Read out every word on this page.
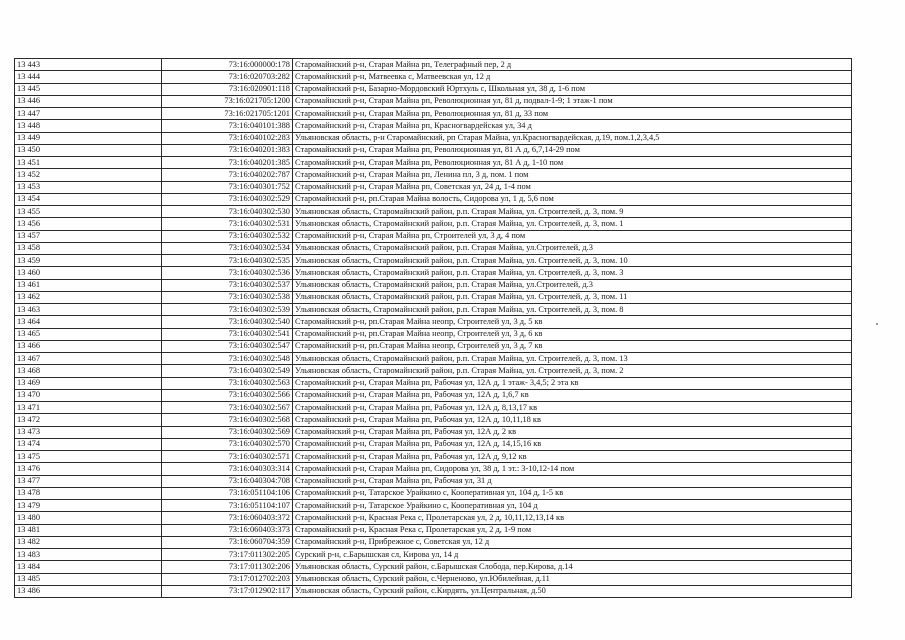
13 443	73:16:000000:178	Старомайнский р-н, Старая Майна рп, Телеграфный пер, 2 д
13 444	73:16:020703:282	Старомайнский р-н, Матвеевка с, Матвеевская ул, 12 д
13 445	73:16:020901:118	Старомайнский р-н, Базарно-Мордовский Юртхуль с, Школьная ул, 38 д, 1-6 пом
13 446	73:16:021705:1200	Старомайнский р-н, Старая Майна рп, Революционная ул, 81 д, подвал-1-9; 1 этаж-1 пом
13 447	73:16:021705:1201	Старомайнский р-н, Старая Майна рп, Революционная ул, 81 д, 33 пом
13 448	73:16:040101:388	Старомайнский р-н, Старая Майна рп, Красногвардейская ул, 34 д
13 449	73:16:040102:283	Ульяновская область, р-н Старомайнский, рп Старая Майна, ул.Красногвардейская, д.19, пом.1,2,3,4,5
13 450	73:16:040201:383	Старомайнский р-н, Старая Майна рп, Революционная ул, 81 А д, 6,7,14-29 пом
13 451	73:16:040201:385	Старомайнский р-н, Старая Майна рп, Революционная ул, 81 А д, 1-10 пом
13 452	73:16:040202:787	Старомайнский р-н, Старая Майна рп, Ленина пл, 3 д, пом. 1 пом
13 453	73:16:040301:752	Старомайнский р-н, Старая Майна рп, Советская ул, 24 д, 1-4 пом
13 454	73:16:040302:529	Старомайнский р-н, рп.Старая Майна волость, Сидорова ул, 1 д, 5,6 пом
13 455	73:16:040302:530	Ульяновская область, Старомайнский район, р.п. Старая Майна, ул. Строителей, д. 3, пом. 9
13 456	73:16:040302:531	Ульяновская область, Старомайнский район, р.п. Старая Майна, ул. Строителей, д. 3, пом. 1
13 457	73:16:040302:532	Старомайнский р-н, Старая Майна рп, Строителей ул, 3 д, 4 пом
13 458	73:16:040302:534	Ульяновская область, Старомайнский район, р.п. Старая Майна, ул.Строителей, д.3
13 459	73:16:040302:535	Ульяновская область, Старомайнский район, р.п. Старая Майна, ул. Строителей, д. 3, пом. 10
13 460	73:16:040302:536	Ульяновская область, Старомайнский район, р.п. Старая Майна, ул. Строителей, д. 3, пом. 3
13 461	73:16:040302:537	Ульяновская область, Старомайнский район, р.п. Старая Майна, ул.Строителей, д.3
13 462	73:16:040302:538	Ульяновская область, Старомайнский район, р.п. Старая Майна, ул. Строителей, д. 3, пом. 11
13 463	73:16:040302:539	Ульяновская область, Старомайнский район, р.п. Старая Майна, ул. Строителей, д. 3, пом. 8
13 464	73:16:040302:540	Старомайнский р-н, рп.Старая Майна неопр, Строителей ул, 3 д, 5 кв
13 465	73:16:040302:541	Старомайнский р-н, рп.Старая Майна неопр, Строителей ул, 3 д, 6 кв
13 466	73:16:040302:547	Старомайнский р-н, рп.Старая Майна неопр, Строителей ул, 3 д, 7 кв
13 467	73:16:040302:548	Ульяновская область, Старомайнский район, р.п. Старая Майна, ул. Строителей, д. 3, пом. 13
13 468	73:16:040302:549	Ульяновская область, Старомайнский район, р.п. Старая Майна, ул. Строителей, д. 3, пом. 2
13 469	73:16:040302:563	Старомайнский р-н, Старая Майна рп, Рабочая ул, 12А д, 1 этаж- 3,4,5; 2 эта кв
13 470	73:16:040302:566	Старомайнский р-н, Старая Майна рп, Рабочая ул, 12А д, 1,6,7 кв
13 471	73:16:040302:567	Старомайнский р-н, Старая Майна рп, Рабочая ул, 12А д, 8,13,17 кв
13 472	73:16:040302:568	Старомайнский р-н, Старая Майна рп, Рабочая ул, 12А д, 10,11,18 кв
13 473	73:16:040302:569	Старомайнский р-н, Старая Майна рп, Рабочая ул, 12А д, 2 кв
13 474	73:16:040302:570	Старомайнский р-н, Старая Майна рп, Рабочая ул, 12А д, 14,15,16 кв
13 475	73:16:040302:571	Старомайнский р-н, Старая Майна рп, Рабочая ул, 12А д, 9,12 кв
13 476	73:16:040303:314	Старомайнский р-н, Старая Майна рп, Сидорова ул, 38 д, 1 эт.: 3-10,12-14 пом
13 477	73:16:040304:708	Старомайнский р-н, Старая Майна рп, Рабочая ул, 31 д
13 478	73:16:051104:106	Старомайнский р-н, Татарское Урайкино с, Кооперативная ул, 104 д, 1-5 кв
13 479	73:16:051104:107	Старомайнский р-н, Татарское Урайкино с, Кооперативная ул, 104 д
13 480	73:16:060403:372	Старомайнский р-н, Красная Река с, Пролетарская ул, 2 д, 10,11,12,13,14 кв
13 481	73:16:060403:373	Старомайнский р-н, Красная Река с, Пролетарская ул, 2 д, 1-9 пом
13 482	73:16:060704:359	Старомайнский р-н, Прибрежное с, Советская ул, 12 д
13 483	73:17:011302:205	Сурский р-н, с.Барышская сл, Кирова ул, 14 д
13 484	73:17:011302:206	Ульяновская область, Сурский район, с.Барышская Слобода, пер.Кирова, д.14
13 485	73:17:012702:203	Ульяновская область, Сурский район, с.Черненово, ул.Юбилейная, д.11
13 486	73:17:012902:117	Ульяновская область, Сурский район, с.Кирдять, ул.Центральная, д.50
